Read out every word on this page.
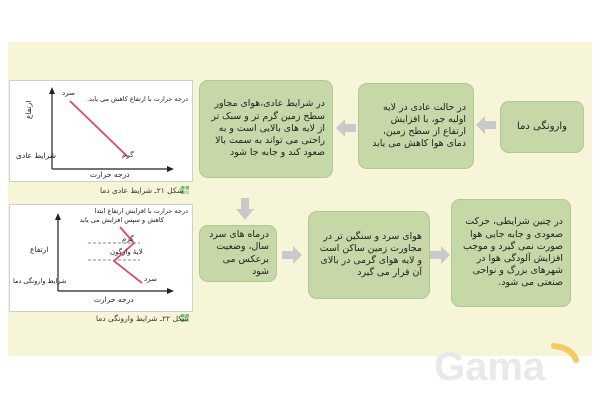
وارونگی دما
در حالت عادی در لایه اولیه جو، با افزایش ارتفاع از سطح زمین، دمای هوا کاهش می یابد
در شرایط عادی،هوای مجاور سطح زمین گرم تر و سبک تر از لایه های بالایی است و به راحتی می تواند به سمت بالا صعود کند و جابه جا شود
درماه های سرد سال، وضعیت برعکس می شود
هوای سرد و سنگین تر در مجاورت زمین ساکن است و لایه هوای گرمی در بالای آن قرار می گیرد
در چنین شرایطی، حرکت صعودی و جابه جایی هوا صورت نمی گیرد و موجب افزایش آلودگی هوا در شهرهای بزرگ و نواحی صنعتی می شود.
درجه حرارت با ارتفاع کاهش می یابد.
سرد
گرم
ارتفاع
شرایط عادی
درجه حرارت
شکل ۲۱ـ شرایط عادی دما
درجه حرارت با افزایش ارتفاع ابتدا
کاهش و سپس افزایش می یابد
گرم
لایهٔ وارگون
سرد
ارتفاع
شرایط وارونگی دما
درجه حرارت
شکل ۲۲ـ شرایط وارونگی دما
Gama
